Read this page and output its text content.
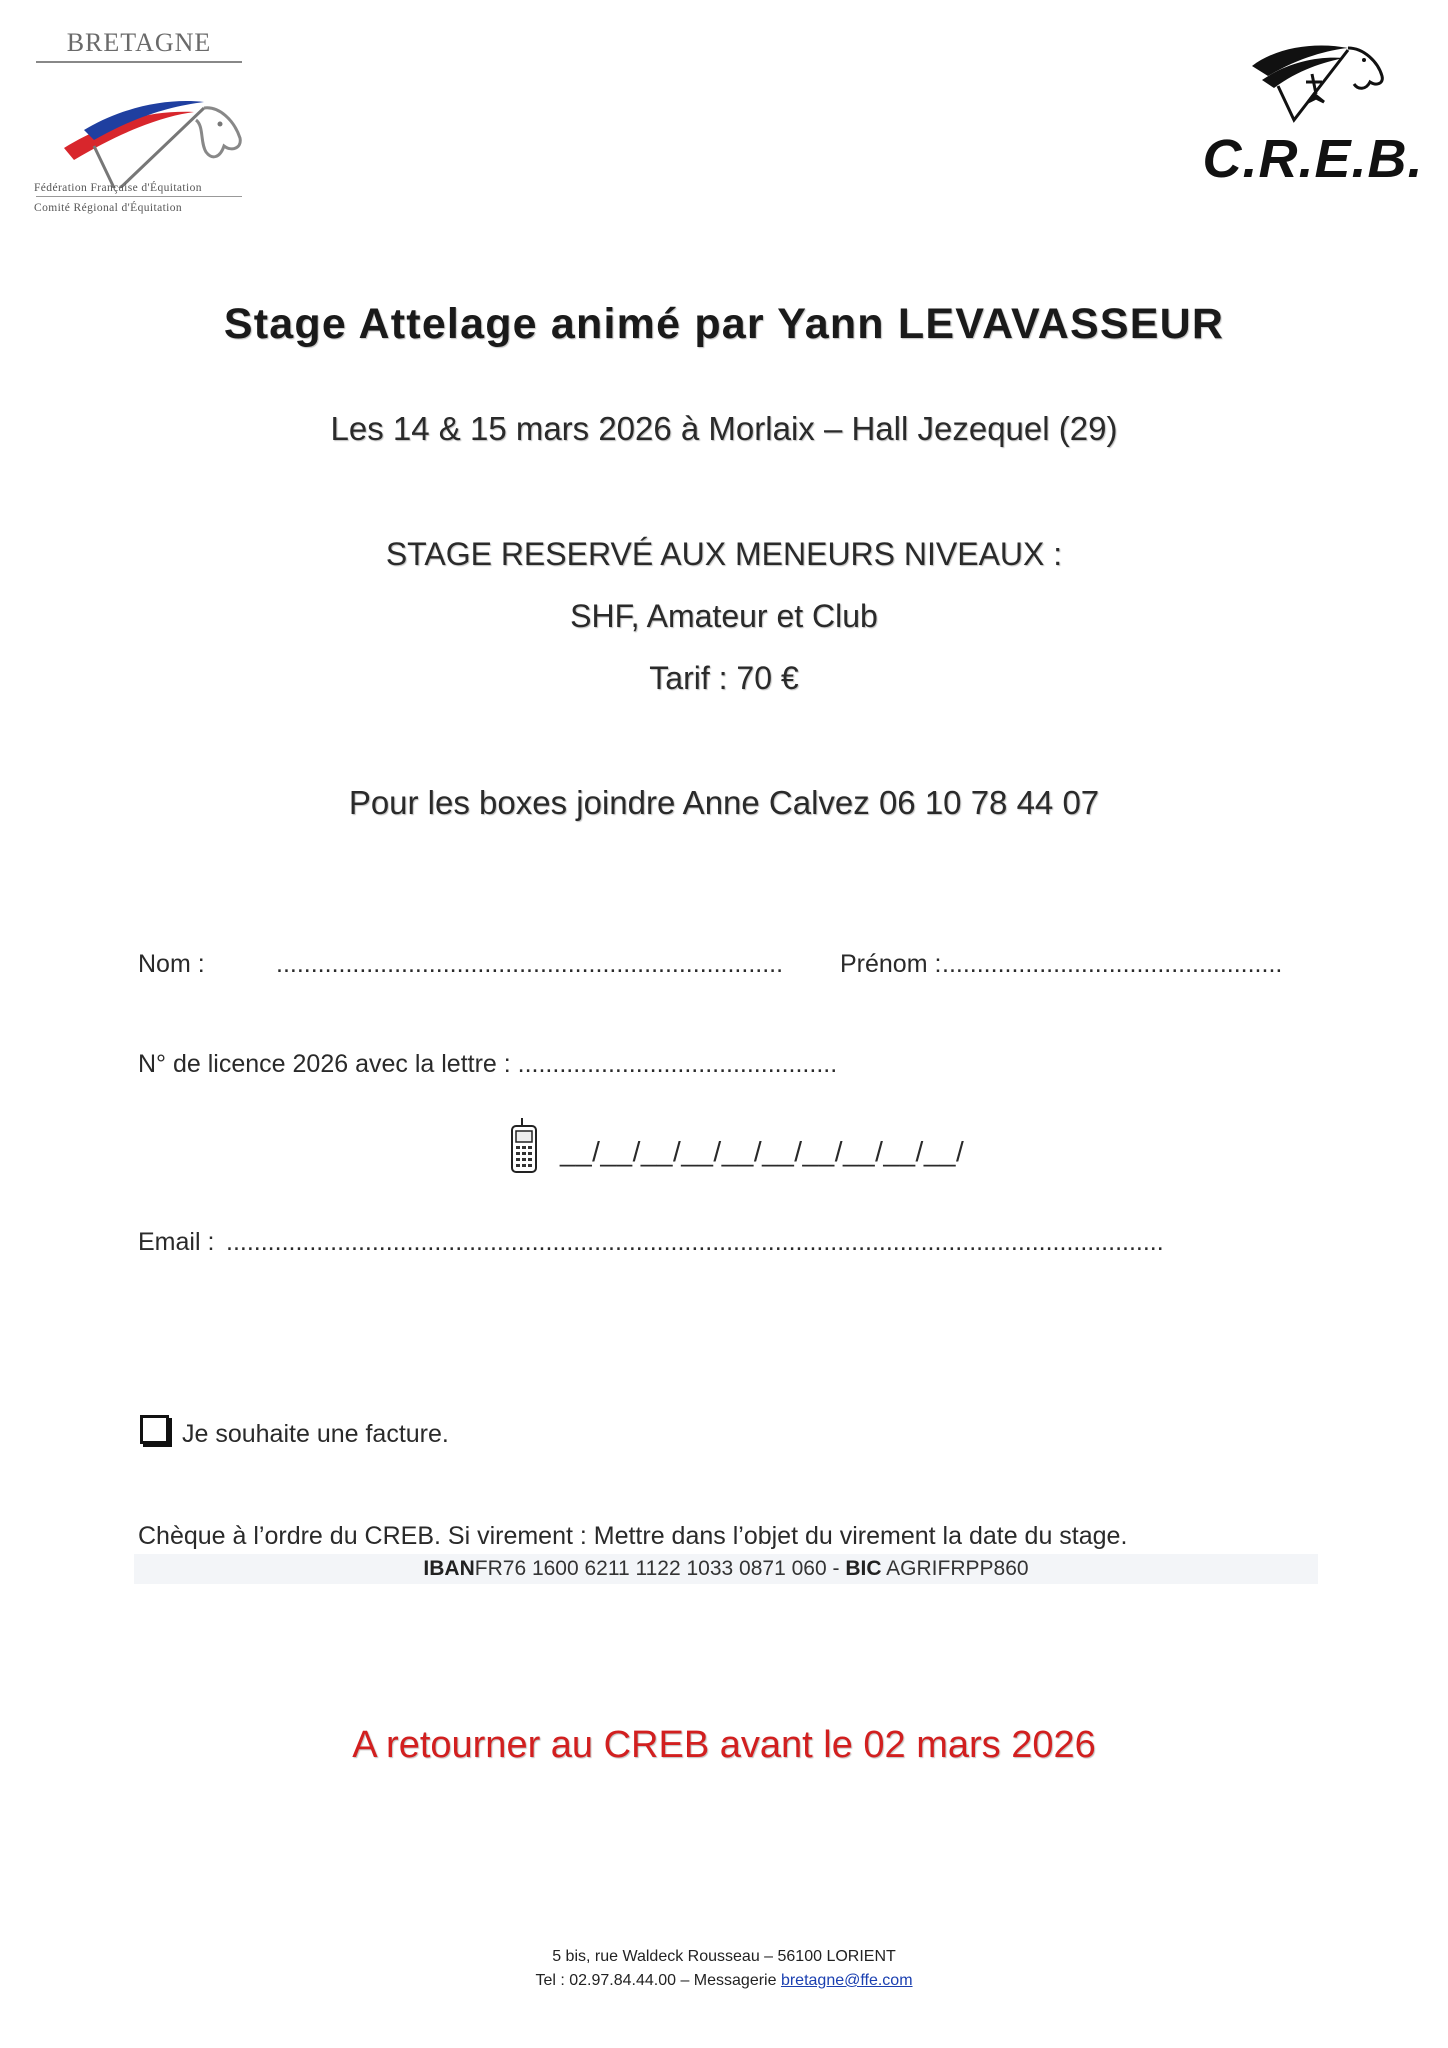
BRETAGNE
Fédération Française d'Équitation
Comité Régional d'Équitation
C.R.E.B.
Stage Attelage animé par Yann LEVAVASSEUR
Les 14 & 15 mars 2026 à Morlaix – Hall Jezequel (29)
STAGE RESERVÉ AUX MENEURS NIVEAUX :
SHF, Amateur et Club
Tarif : 70 €
Pour les boxes joindre Anne Calvez 06 10 78 44 07
Nom :	......................................................................... Prénom : .................................................
N° de licence 2026 avec la lettre : ..............................................
__/__/__/__/__/__/__/__/__/__/
Email : .......................................................................................................................................
Je souhaite une facture.
Chèque à l’ordre du CREB. Si virement : Mettre dans l’objet du virement la date du stage.
IBANFR76 1600 6211 1122 1033 0871 060 - BIC AGRIFRPP860
A retourner au CREB avant le 02 mars 2026
5 bis, rue Waldeck Rousseau – 56100 LORIENT
Tel : 02.97.84.44.00 – Messagerie bretagne@ffe.com
